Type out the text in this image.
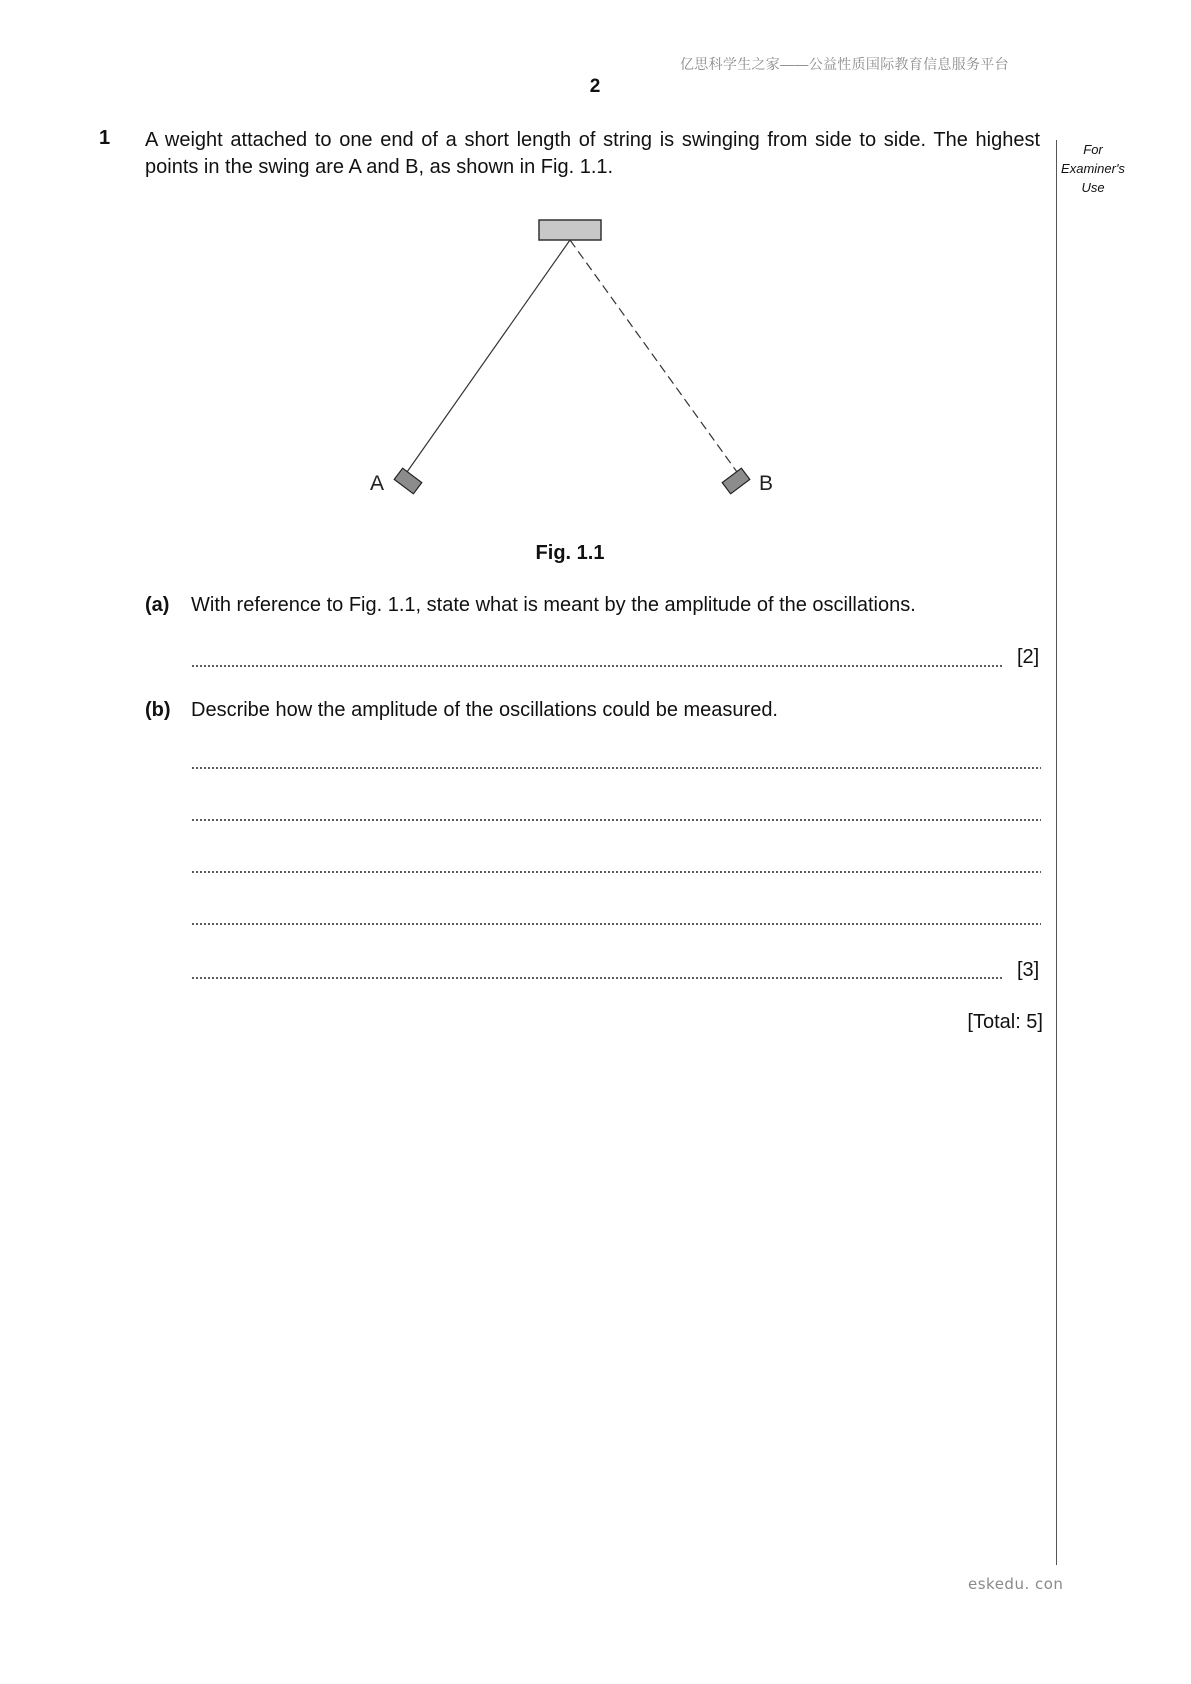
亿思科学生之家——公益性质国际教育信息服务平台
2
For
Examiner's
Use
1 A weight attached to one end of a short length of string is swinging from side to side. The highest points in the swing are A and B, as shown in Fig. 1.1.
A	B
Fig. 1.1
(a) With reference to Fig. 1.1, state what is meant by the amplitude of the oscillations.
[2]
(b) Describe how the amplitude of the oscillations could be measured.
[3]
[Total: 5]
eskedu. con
